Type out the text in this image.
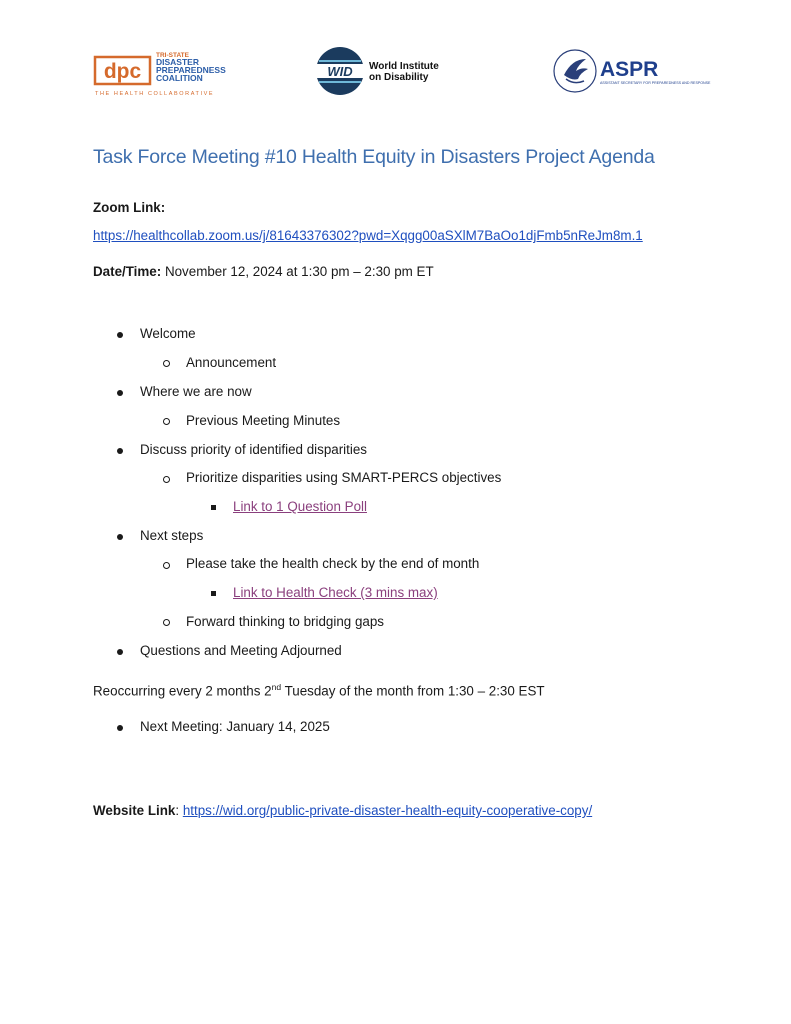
dpc
TRI-STATE
DISASTER
PREPAREDNESS
COALITION
THE HEALTH COLLABORATIVE
WID World Institute
on Disability	ASPR
ASSISTANT SECRETARY FOR PREPAREDNESS AND RESPONSE
Task Force Meeting #10 Health Equity in Disasters Project Agenda
Zoom Link:
https://healthcollab.zoom.us/j/81643376302?pwd=Xqgg00aSXlM7BaOo1djFmb5nReJm8m.1
Date/Time: November 12, 2024 at 1:30 pm – 2:30 pm ET
Welcome
Announcement
Where we are now
Previous Meeting Minutes
Discuss priority of identified disparities
Prioritize disparities using SMART-PERCS objectives
Link to 1 Question Poll
Next steps
Please take the health check by the end of month
Link to Health Check (3 mins max)
Forward thinking to bridging gaps
Questions and Meeting Adjourned
Reoccurring every 2 months 2nd Tuesday of the month from 1:30 – 2:30 EST
Next Meeting: January 14, 2025
Website Link: https://wid.org/public-private-disaster-health-equity-cooperative-copy/
